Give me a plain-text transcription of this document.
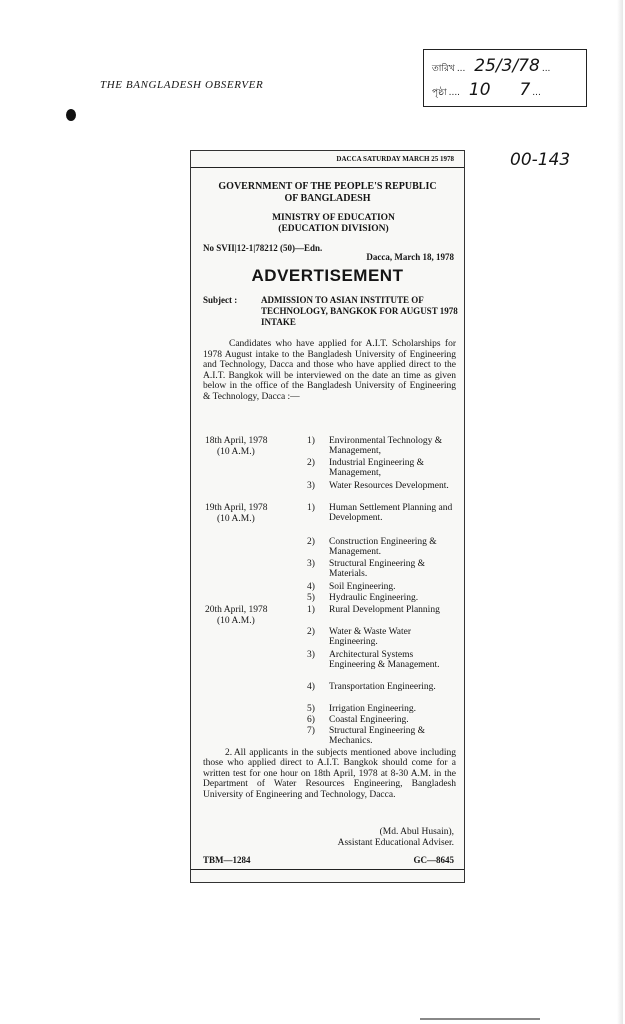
THE BANGLADESH OBSERVER
তারিখ ... 25/3/78 ...
পৃষ্ঠা .... 10 7 ...
00-143
DACCA SATURDAY MARCH 25 1978
GOVERNMENT OF THE PEOPLE'S REPUBLIC
OF BANGLADESH
MINISTRY OF EDUCATION
(EDUCATION DIVISION)
No SVII|12-1|78212 (50)—Edn.
Dacca, March 18, 1978
ADVERTISEMENT
Subject :	ADMISSION TO ASIAN INSTITUTE OF TECHNOLOGY, BANGKOK FOR AUGUST 1978 INTAKE
Candidates who have applied for A.I.T. Scholarships for 1978 August intake to the Bangladesh University of Engineering and Technology, Dacca and those who have applied direct to the A.I.T. Bangkok will be interviewed on the date an time as given below in the office of the Bangladesh University of Engineering & Technology, Dacca :—
18th April, 1978
(10 A.M.)
1) Environmental Technology & Management,
2) Industrial Engineering & Management,
3) Water Resources Development.
19th April, 1978
(10 A.M.)
1) Human Settlement Planning and Development.
2) Construction Engineering & Management.
3) Structural Engineering & Materials.
4) Soil Engineering.
5) Hydraulic Engineering.
20th April, 1978
(10 A.M.)
1) Rural Development Planning
2) Water & Waste Water Engineering.
3) Architectural Systems Engineering & Management.
4) Transportation Engineering.
5) Irrigation Engineering.
6) Coastal Engineering.
7) Structural Engineering & Mechanics.
2. All applicants in the subjects mentioned above including those who applied direct to A.I.T. Bangkok should come for a written test for one hour on 18th April, 1978 at 8-30 A.M. in the Department of Water Resources Engineering, Bangladesh University of Engineering and Technology, Dacca.
(Md. Abul Husain),
Assistant Educational Adviser.
TBM—1284	GC—8645
